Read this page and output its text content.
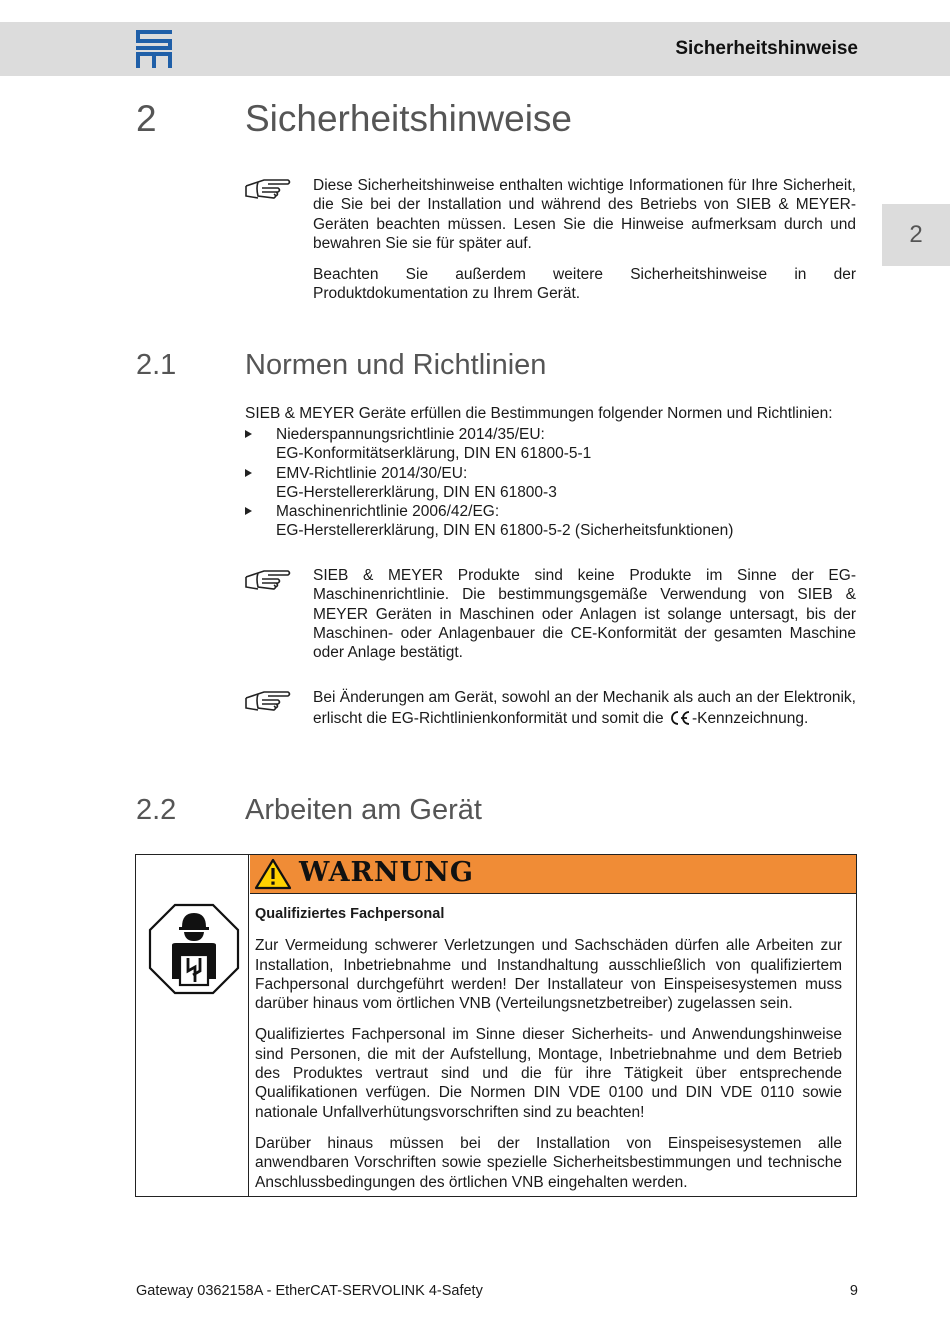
Sicherheitshinweise
2
2 Sicherheitshinweise

Diese Sicherheitshinweise enthalten wichtige Informationen für Ihre Sicherheit, die Sie bei der Installation und während des Betriebs von SIEB & MEYER-Geräten beachten müssen. Lesen Sie die Hinweise aufmerksam durch und bewahren Sie sie für später auf.

Beachten Sie außerdem weitere Sicherheitshinweise in der Produktdokumentation zu Ihrem Gerät.

2.1 Normen und Richtlinien
SIEB & MEYER Geräte erfüllen die Bestimmungen folgender Normen und Richtlinien:
Niederspannungsrichtlinie 2014/35/EU:
EG-Konformitätserklärung, DIN EN 61800-5-1
EMV-Richtlinie 2014/30/EU:
EG-Herstellererklärung, DIN EN 61800-3
Maschinenrichtlinie 2006/42/EG:
EG-Herstellererklärung, DIN EN 61800-5-2 (Sicherheitsfunktionen)

SIEB & MEYER Produkte sind keine Produkte im Sinne der EG-Maschinenrichtlinie. Die bestimmungsgemäße Verwendung von SIEB & MEYER Geräten in Maschinen oder Anlagen ist solange untersagt, bis der Maschinen- oder Anlagenbauer die CE-Konformität der gesamten Maschine oder Anlage bestätigt.

Bei Änderungen am Gerät, sowohl an der Mechanik als auch an der Elektronik, erlischt die EG-Richtlinienkonformität und somit die -Kennzeichnung.

2.2 Arbeiten am Gerät
WARNUNG

Qualifiziertes Fachpersonal

Zur Vermeidung schwerer Verletzungen und Sachschäden dürfen alle Arbeiten zur Installation, Inbetriebnahme und Instandhaltung ausschließlich von qualifiziertem Fachpersonal durchgeführt werden! Der Installateur von Einspeisesystemen muss darüber hinaus vom örtlichen VNB (Verteilungsnetzbetreiber) zugelassen sein.

Qualifiziertes Fachpersonal im Sinne dieser Sicherheits- und Anwendungshinweise sind Personen, die mit der Aufstellung, Montage, Inbetriebnahme und dem Betrieb des Produktes vertraut sind und die für ihre Tätigkeit über entsprechende Qualifikationen verfügen. Die Normen DIN VDE 0100 und DIN VDE 0110 sowie nationale Unfallverhütungsvorschriften sind zu beachten!

Darüber hinaus müssen bei der Installation von Einspeisesystemen alle anwendbaren Vorschriften sowie spezielle Sicherheitsbestimmungen und technische Anschlussbedingungen des örtlichen VNB eingehalten werden.

Gateway 0362158A - EtherCAT-SERVOLINK 4-Safety	9
